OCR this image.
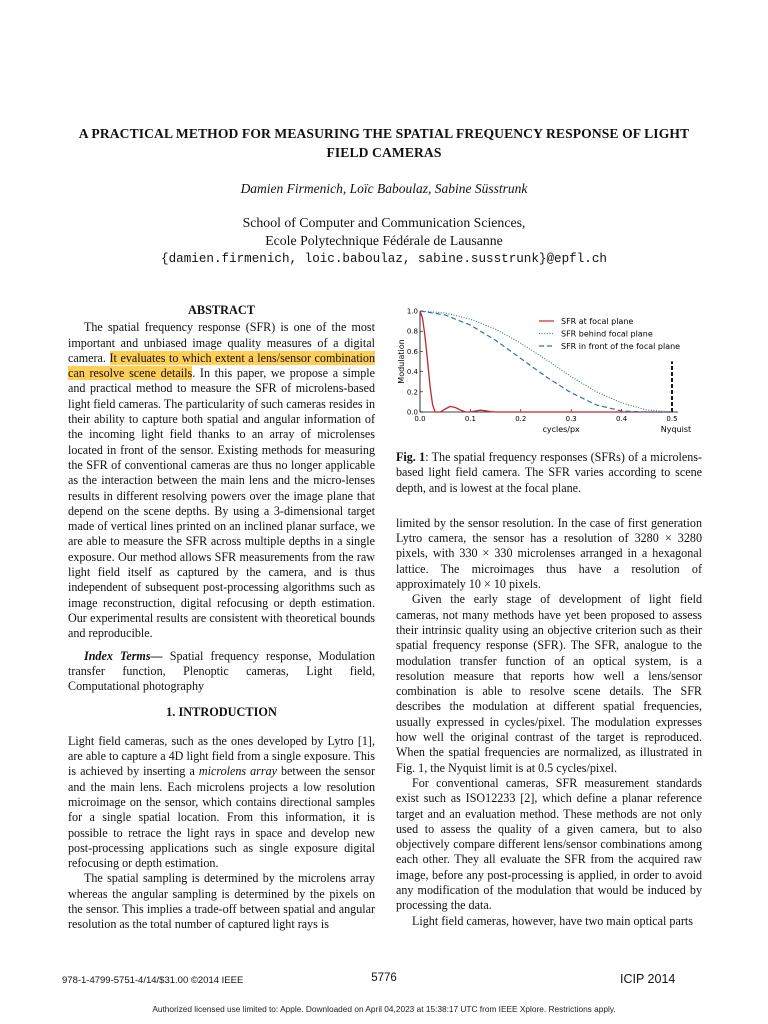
A PRACTICAL METHOD FOR MEASURING THE SPATIAL FREQUENCY RESPONSE OF LIGHT FIELD CAMERAS
Damien Firmenich, Loïc Baboulaz, Sabine Süsstrunk
School of Computer and Communication Sciences,
Ecole Polytechnique Fédérale de Lausanne
{damien.firmenich, loic.baboulaz, sabine.susstrunk}@epfl.ch
ABSTRACT

The spatial frequency response (SFR) is one of the most important and unbiased image quality measures of a digital camera. It evaluates to which extent a lens/sensor combination can resolve scene details. In this paper, we propose a simple and practical method to measure the SFR of microlens-based light field cameras. The particularity of such cameras resides in their ability to capture both spatial and angular information of the incoming light field thanks to an array of microlenses located in front of the sensor. Existing methods for measuring the SFR of conventional cameras are thus no longer applicable as the interaction between the main lens and the micro-lenses results in different resolving powers over the image plane that depend on the scene depths. By using a 3-dimensional target made of vertical lines printed on an inclined planar surface, we are able to measure the SFR across multiple depths in a single exposure. Our method allows SFR measurements from the raw light field itself as captured by the camera, and is thus independent of subsequent post-processing algorithms such as image reconstruction, digital refocusing or depth estimation. Our experimental results are consistent with theoretical bounds and reproducible.

Index Terms— Spatial frequency response, Modulation transfer function, Plenoptic cameras, Light field, Computational photography

1. INTRODUCTION

Light field cameras, such as the ones developed by Lytro [1], are able to capture a 4D light field from a single exposure. This is achieved by inserting a microlens array between the sensor and the main lens. Each microlens projects a low resolution microimage on the sensor, which contains directional samples for a single spatial location. From this information, it is possible to retrace the light rays in space and develop new post-processing applications such as single exposure digital refocusing or depth estimation.

The spatial sampling is determined by the microlens array whereas the angular sampling is determined by the pixels on the sensor. This implies a trade-off between spatial and angular resolution as the total number of captured light rays is

0.0	0.1	0.2	0.3	0.4	0.5
0.0
0.2
0.4
0.6
0.8
1.0
cycles/px
Modulation
Nyquist
SFR at focal plane
SFR behind focal plane
SFR in front of the focal plane

Fig. 1: The spatial frequency responses (SFRs) of a microlens-based light field camera. The SFR varies according to scene depth, and is lowest at the focal plane.

limited by the sensor resolution. In the case of first generation Lytro camera, the sensor has a resolution of 3280 × 3280 pixels, with 330 × 330 microlenses arranged in a hexagonal lattice. The microimages thus have a resolution of approximately 10 × 10 pixels.

Given the early stage of development of light field cameras, not many methods have yet been proposed to assess their intrinsic quality using an objective criterion such as their spatial frequency response (SFR). The SFR, analogue to the modulation transfer function of an optical system, is a resolution measure that reports how well a lens/sensor combination is able to resolve scene details. The SFR describes the modulation at different spatial frequencies, usually expressed in cycles/pixel. The modulation expresses how well the original contrast of the target is reproduced. When the spatial frequencies are normalized, as illustrated in Fig. 1, the Nyquist limit is at 0.5 cycles/pixel.

For conventional cameras, SFR measurement standards exist such as ISO12233 [2], which define a planar reference target and an evaluation method. These methods are not only used to assess the quality of a given camera, but to also objectively compare different lens/sensor combinations among each other. They all evaluate the SFR from the acquired raw image, before any post-processing is applied, in order to avoid any modification of the modulation that would be induced by processing the data.

Light field cameras, however, have two main optical parts

978-1-4799-5751-4/14/$31.00 ©2014 IEEE	5776	ICIP 2014
Authorized licensed use limited to: Apple. Downloaded on April 04,2023 at 15:38:17 UTC from IEEE Xplore. Restrictions apply.
